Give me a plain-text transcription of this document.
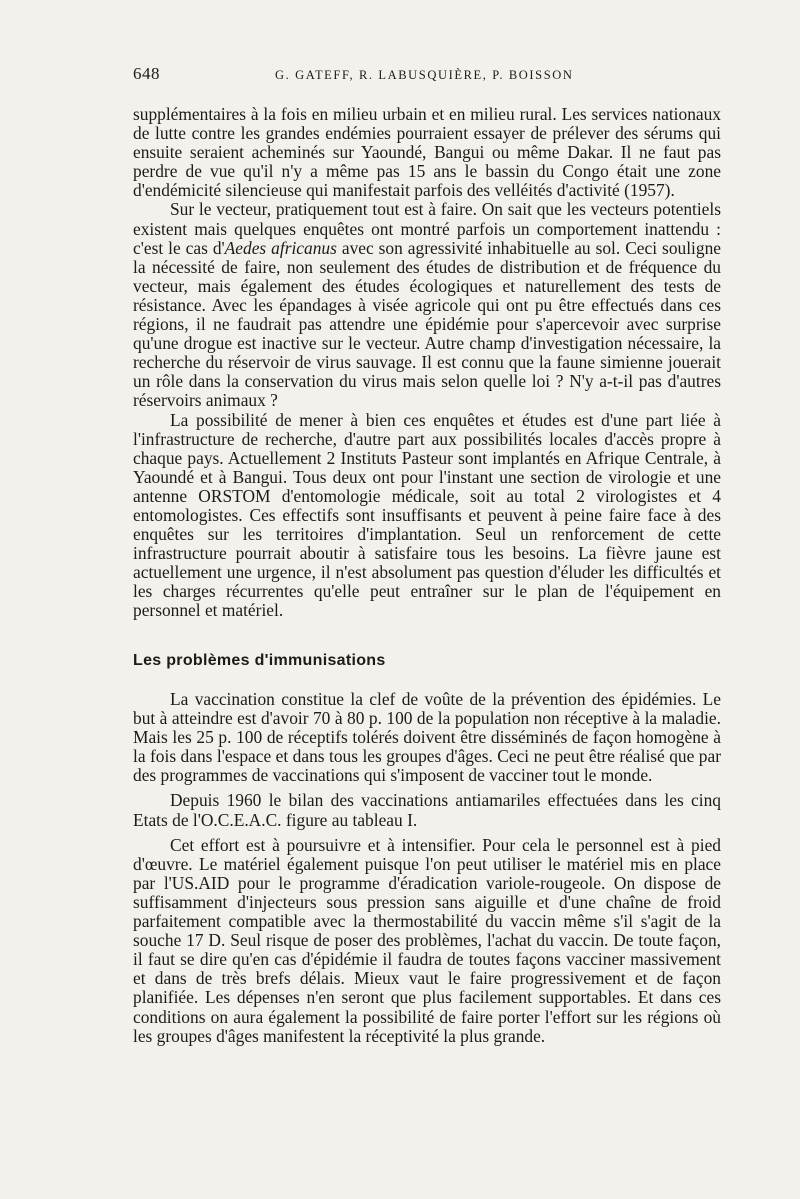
648	G. GATEFF, R. LABUSQUIÈRE, P. BOISSON

supplémentaires à la fois en milieu urbain et en milieu rural. Les services nationaux de lutte contre les grandes endémies pourraient essayer de prélever des sérums qui ensuite seraient acheminés sur Yaoundé, Bangui ou même Dakar. Il ne faut pas perdre de vue qu'il n'y a même pas 15 ans le bassin du Congo était une zone d'endémicité silencieuse qui manifestait parfois des velléités d'activité (1957).

Sur le vecteur, pratiquement tout est à faire. On sait que les vecteurs potentiels existent mais quelques enquêtes ont montré parfois un comportement inattendu : c'est le cas d'Aedes africanus avec son agressivité inhabituelle au sol. Ceci souligne la nécessité de faire, non seulement des études de distribution et de fréquence du vecteur, mais également des études écologiques et naturellement des tests de résistance. Avec les épandages à visée agricole qui ont pu être effectués dans ces régions, il ne faudrait pas attendre une épidémie pour s'apercevoir avec surprise qu'une drogue est inactive sur le vecteur. Autre champ d'investigation nécessaire, la recherche du réservoir de virus sauvage. Il est connu que la faune simienne jouerait un rôle dans la conservation du virus mais selon quelle loi ? N'y a-t-il pas d'autres réservoirs animaux ?

La possibilité de mener à bien ces enquêtes et études est d'une part liée à l'infrastructure de recherche, d'autre part aux possibilités locales d'accès propre à chaque pays. Actuellement 2 Instituts Pasteur sont implantés en Afrique Centrale, à Yaoundé et à Bangui. Tous deux ont pour l'instant une section de virologie et une antenne ORSTOM d'entomologie médicale, soit au total 2 virologistes et 4 entomologistes. Ces effectifs sont insuffisants et peuvent à peine faire face à des enquêtes sur les territoires d'implantation. Seul un renforcement de cette infrastructure pourrait aboutir à satisfaire tous les besoins. La fièvre jaune est actuellement une urgence, il n'est absolument pas question d'éluder les difficultés et les charges récurrentes qu'elle peut entraîner sur le plan de l'équipement en personnel et matériel.

Les problèmes d'immunisations

La vaccination constitue la clef de voûte de la prévention des épidémies. Le but à atteindre est d'avoir 70 à 80 p. 100 de la population non réceptive à la maladie. Mais les 25 p. 100 de réceptifs tolérés doivent être disséminés de façon homogène à la fois dans l'espace et dans tous les groupes d'âges. Ceci ne peut être réalisé que par des programmes de vaccinations qui s'imposent de vacciner tout le monde.

Depuis 1960 le bilan des vaccinations antiamariles effectuées dans les cinq Etats de l'O.C.E.A.C. figure au tableau I.

Cet effort est à poursuivre et à intensifier. Pour cela le personnel est à pied d'œuvre. Le matériel également puisque l'on peut utiliser le matériel mis en place par l'US.AID pour le programme d'éradication variole-rougeole. On dispose de suffisamment d'injecteurs sous pression sans aiguille et d'une chaîne de froid parfaitement compatible avec la thermostabilité du vaccin même s'il s'agit de la souche 17 D. Seul risque de poser des problèmes, l'achat du vaccin. De toute façon, il faut se dire qu'en cas d'épidémie il faudra de toutes façons vacciner massivement et dans de très brefs délais. Mieux vaut le faire progressivement et de façon planifiée. Les dépenses n'en seront que plus facilement supportables. Et dans ces conditions on aura également la possibilité de faire porter l'effort sur les régions où les groupes d'âges manifestent la réceptivité la plus grande.
